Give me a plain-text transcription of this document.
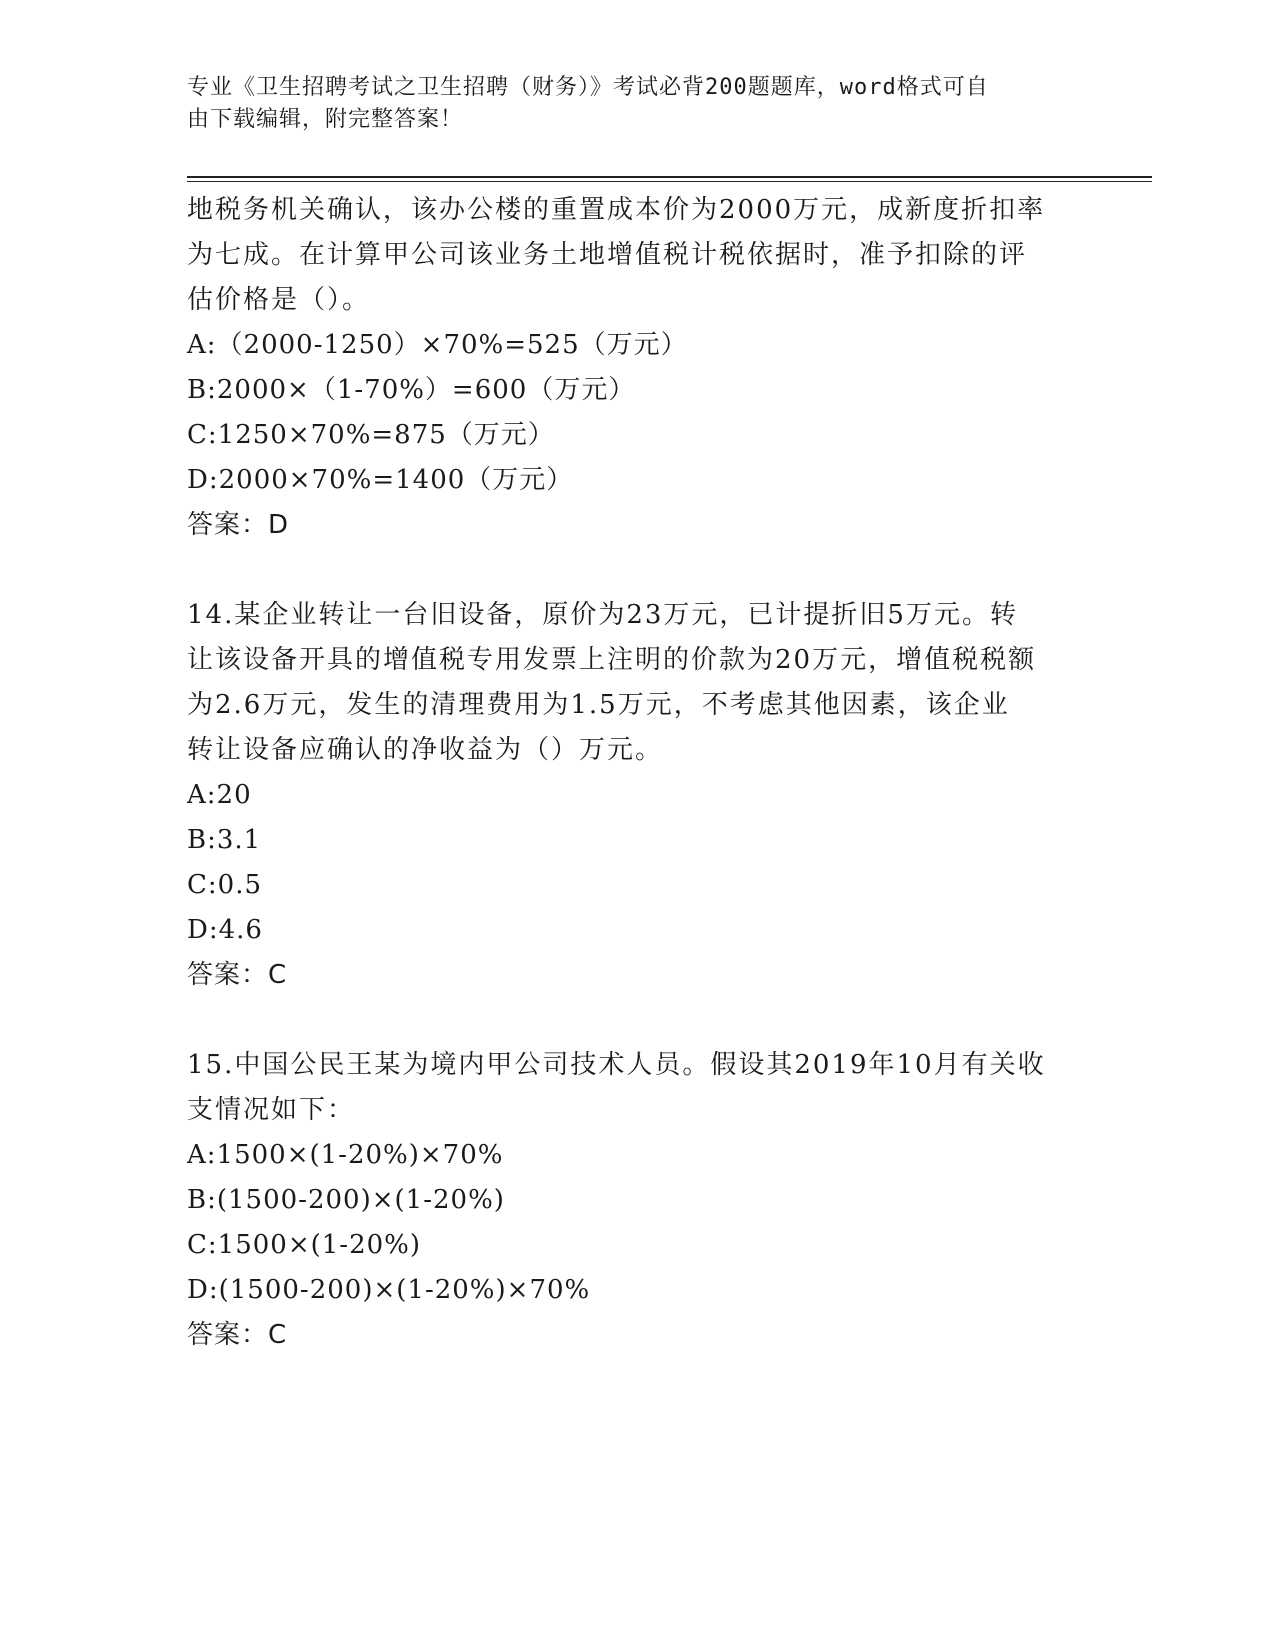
专业《卫生招聘考试之卫生招聘（财务）》考试必背200题题库，word格式可自
由下载编辑，附完整答案！

地税务机关确认，该办公楼的重置成本价为2000万元，成新度折扣率

为七成。在计算甲公司该业务土地增值税计税依据时，准予扣除的评

估价格是（）。

A:（2000-1250）×70%=525（万元）

B:2000×（1-70%）=600（万元）

C:1250×70%=875（万元）

D:2000×70%=1400（万元）

答案：D

14.某企业转让一台旧设备，原价为23万元，已计提折旧5万元。转

让该设备开具的增值税专用发票上注明的价款为20万元，增值税税额

为2.6万元，发生的清理费用为1.5万元，不考虑其他因素，该企业

转让设备应确认的净收益为（）万元。

A:20

B:3.1

C:0.5

D:4.6

答案：C

15.中国公民王某为境内甲公司技术人员。假设其2019年10月有关收

支情况如下：

A:1500×(1-20%)×70%

B:(1500-200)×(1-20%)

C:1500×(1-20%)

D:(1500-200)×(1-20%)×70%

答案：C
